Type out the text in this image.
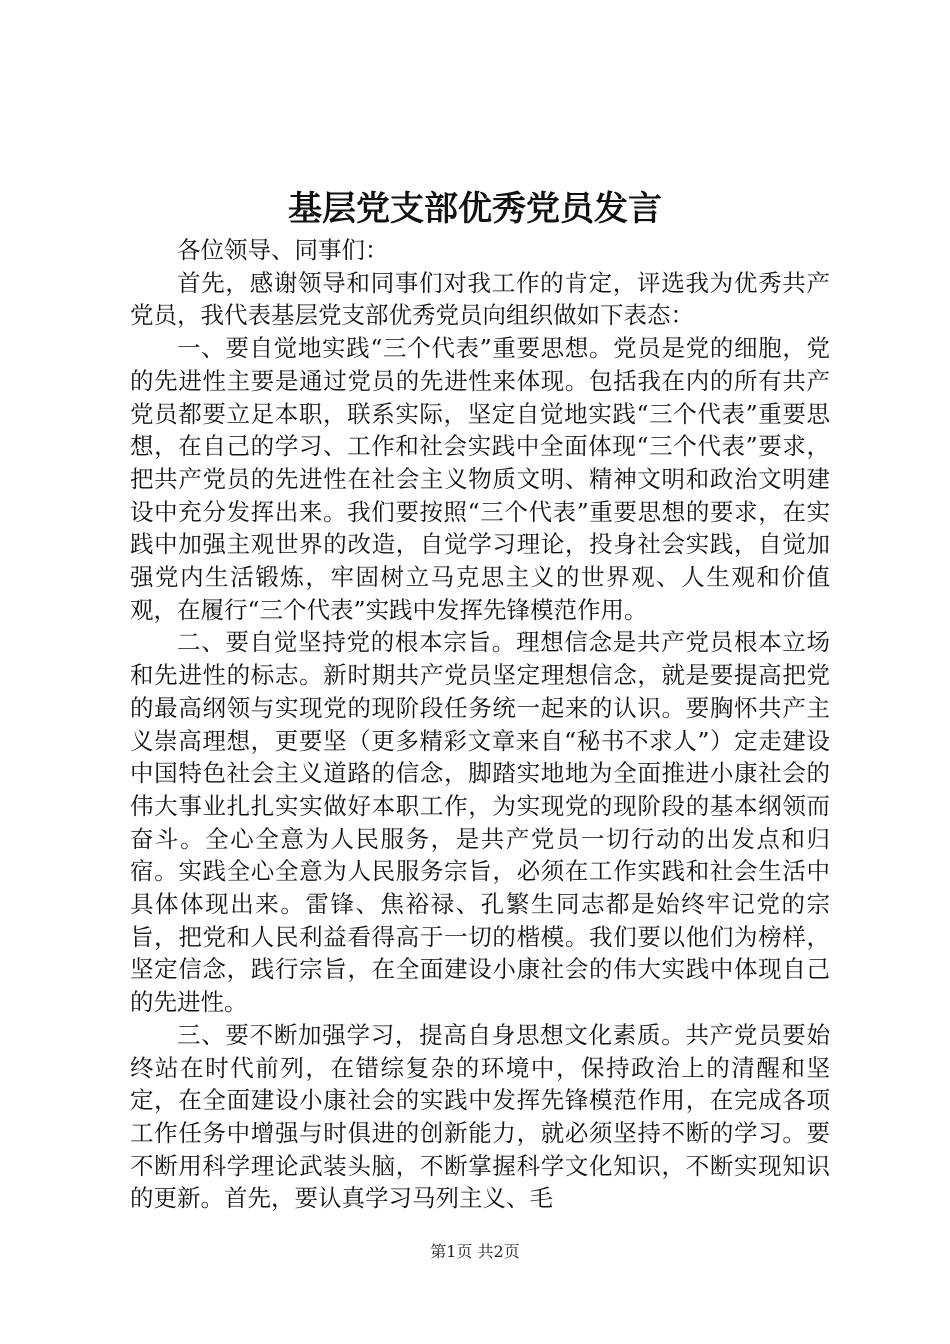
基层党支部优秀党员发言

各位领导、同事们：

首先，感谢领导和同事们对我工作的肯定，评选我为优秀共产党员，我代表基层党支部优秀党员向组织做如下表态：

一、要自觉地实践“三个代表”重要思想。党员是党的细胞，党的先进性主要是通过党员的先进性来体现。包括我在内的所有共产党员都要立足本职，联系实际，坚定自觉地实践“三个代表”重要思想，在自己的学习、工作和社会实践中全面体现“三个代表”要求，把共产党员的先进性在社会主义物质文明、精神文明和政治文明建设中充分发挥出来。我们要按照“三个代表”重要思想的要求，在实践中加强主观世界的改造，自觉学习理论，投身社会实践，自觉加强党内生活锻炼，牢固树立马克思主义的世界观、人生观和价值观，在履行“三个代表”实践中发挥先锋模范作用。

二、要自觉坚持党的根本宗旨。理想信念是共产党员根本立场和先进性的标志。新时期共产党员坚定理想信念，就是要提高把党的最高纲领与实现党的现阶段任务统一起来的认识。要胸怀共产主义崇高理想，更要坚（更多精彩文章来自“秘书不求人”）定走建设中国特色社会主义道路的信念，脚踏实地地为全面推进小康社会的伟大事业扎扎实实做好本职工作，为实现党的现阶段的基本纲领而奋斗。全心全意为人民服务，是共产党员一切行动的出发点和归宿。实践全心全意为人民服务宗旨，必须在工作实践和社会生活中具体体现出来。雷锋、焦裕禄、孔繁生同志都是始终牢记党的宗旨，把党和人民利益看得高于一切的楷模。我们要以他们为榜样，坚定信念，践行宗旨，在全面建设小康社会的伟大实践中体现自己的先进性。

三、要不断加强学习，提高自身思想文化素质。共产党员要始终站在时代前列，在错综复杂的环境中，保持政治上的清醒和坚定，在全面建设小康社会的实践中发挥先锋模范作用，在完成各项工作任务中增强与时俱进的创新能力，就必须坚持不断的学习。要不断用科学理论武装头脑，不断掌握科学文化知识，不断实现知识的更新。首先，要认真学习马列主义、毛

第1页 共2页
